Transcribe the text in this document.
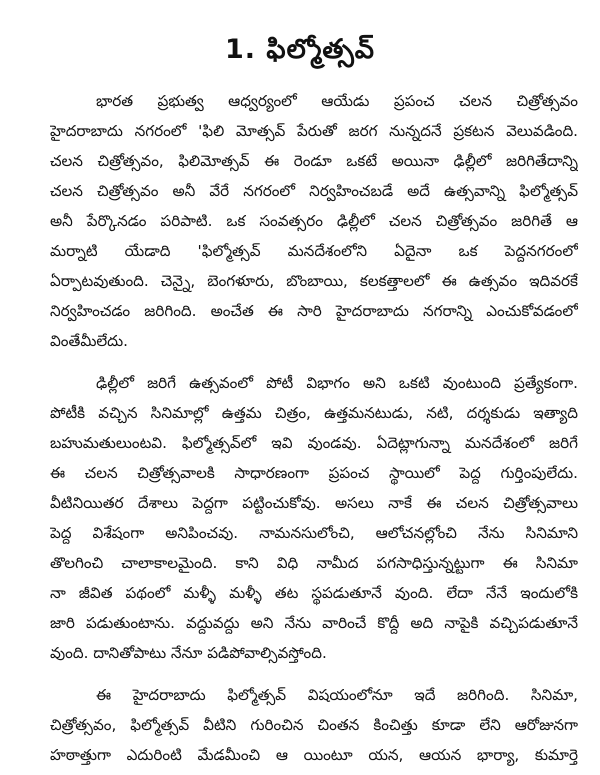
1. ఫిల్మోత్సవ్
భారత ప్రభుత్వ ఆధ్వర్యంలో ఆయేడు ప్రపంచ చలన చిత్రోత్సవం
హైదరాబాదు నగరంలో 'ఫిలి మోత్సవ్ పేరుతో జరగ నున్నదనే ప్రకటన వెలువడింది.
చలన చిత్రోత్సవం, ఫిలిమోత్సవ్ ఈ రెండూ ఒకటే అయినా ఢిల్లీలో జరిగితేదాన్ని
చలన చిత్రోత్సవం అనీ వేరే నగరంలో నిర్వహించబడే అదే ఉత్సవాన్ని ఫిల్మోత్సవ్
అనీ పేర్కొనడం పరిపాటి. ఒక సంవత్సరం ఢిల్లీలో చలన చిత్రోత్సవం జరిగితే ఆ
మర్నాటి యేడాది 'ఫిల్మోత్సవ్ మనదేశంలోని ఏదైనా ఒక పెద్దనగరంలో
ఏర్పాటవుతుంది. చెన్నై, బెంగళూరు, బొంబాయి, కలకత్తాలలో ఈ ఉత్సవం ఇదివరకే
నిర్వహించడం జరిగింది. అంచేత ఈ సారి హైదరాబాదు నగరాన్ని ఎంచుకోవడంలో
వింతేమీలేదు.
ఢిల్లీలో జరిగే ఉత్సవంలో పోటీ విభాగం అని ఒకటి వుంటుంది ప్రత్యేకంగా.
పోటీకి వచ్చిన సినిమాల్లో ఉత్తమ చిత్రం, ఉత్తమనటుడు, నటి, దర్శకుడు ఇత్యాది
బహుమతులుంటవి. ఫిల్మోత్సవ్‌లో ఇవి వుండవు. ఏదెట్లాగున్నా మనదేశంలో జరిగే
ఈ చలన చిత్రోత్సవాలకి సాధారణంగా ప్రపంచ స్థాయిలో పెద్ద గుర్తింపులేదు.
వీటినియితర దేశాలు పెద్దగా పట్టించుకోవు. అసలు నాకే ఈ చలన చిత్రోత్సవాలు
పెద్ద విశేషంగా అనిపించవు. నామనసులోంచి, ఆలోచనల్లోంచి నేను సినిమాని
తొలగించి చాలాకాలమైంది. కాని విధి నామీద పగసాధిస్తున్నట్టుగా ఈ సినిమా
నా జీవిత పథంలో మళ్ళీ మళ్ళీ తట స్థపడుతూనే వుంది. లేదా నేనే ఇందులోకి
జారి పడుతుంటాను. వద్దువద్దు అని నేను వారించే కొద్దీ అది నాపైకి వచ్చిపడుతూనే
వుంది. దానితోపాటు నేనూ పడిపోవాల్సివస్తోంది.
ఈ హైదరాబాదు ఫిల్మోత్సవ్ విషయంలోనూ ఇదే జరిగింది. సినిమా,
చిత్రోత్సవం, ఫిల్మోత్సవ్ వీటిని గురించిన చింతన కించిత్తు కూడా లేని ఆరోజునగా
హఠాత్తుగా ఎదురింటి మేడమీంచి ఆ యింటూ యన, ఆయన భార్యా, కుమార్తె
